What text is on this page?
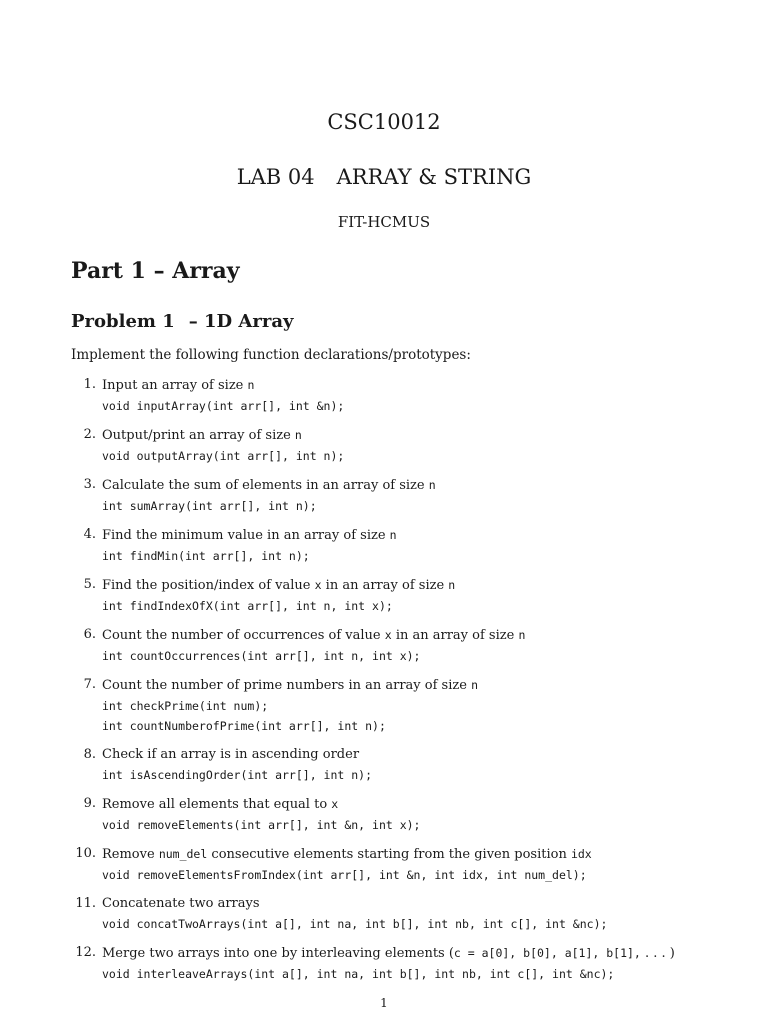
CSC10012
LAB 04 ARRAY & STRING
FIT-HCMUS
Part 1 – Array
Problem 1 – 1D Array
Implement the following function declarations/prototypes:
1. Input an array of size n
void inputArray(int arr[], int &n);
2. Output/print an array of size n
void outputArray(int arr[], int n);
3. Calculate the sum of elements in an array of size n
int sumArray(int arr[], int n);
4. Find the minimum value in an array of size n
int findMin(int arr[], int n);
5. Find the position/index of value x in an array of size n
int findIndexOfX(int arr[], int n, int x);
6. Count the number of occurrences of value x in an array of size n
int countOccurrences(int arr[], int n, int x);
7. Count the number of prime numbers in an array of size n
int checkPrime(int num);
int countNumberofPrime(int arr[], int n);
8. Check if an array is in ascending order
int isAscendingOrder(int arr[], int n);
9. Remove all elements that equal to x
void removeElements(int arr[], int &n, int x);
10. Remove num_del consecutive elements starting from the given position idx
void removeElementsFromIndex(int arr[], int &n, int idx, int num_del);
11. Concatenate two arrays
void concatTwoArrays(int a[], int na, int b[], int nb, int c[], int &nc);
12. Merge two arrays into one by interleaving elements (c = a[0], b[0], a[1], b[1], . . . )
void interleaveArrays(int a[], int na, int b[], int nb, int c[], int &nc);
1
